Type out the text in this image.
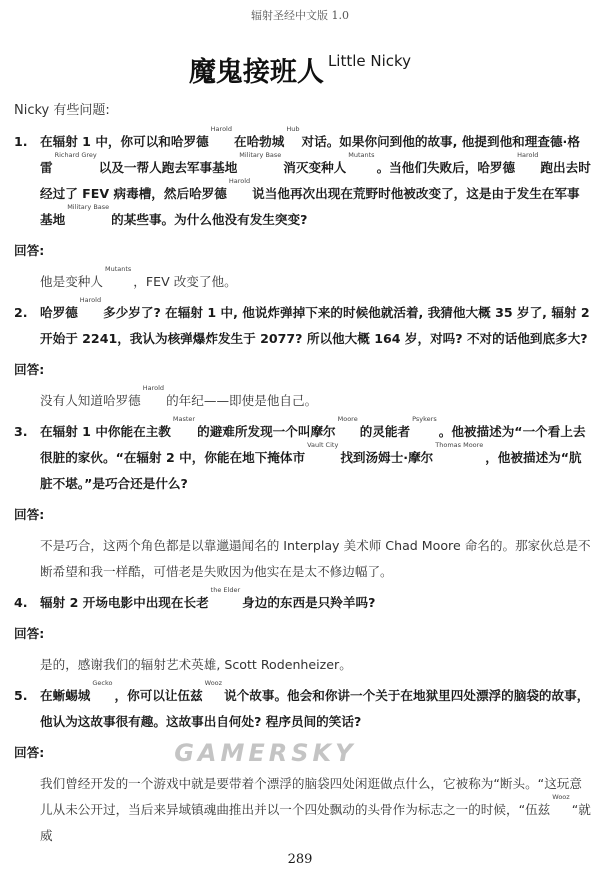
辐射圣经中文版 1.0
魔鬼接班人 Little Nicky
Nicky 有些问题:
1. 在辐射 1 中，你可以和哈罗德$^{Harold}$在哈勃城$^{Hub}$对话。如果你问到他的故事, 他提到他和理查德·格雷$^{Richard Grey}$以及一帮人跑去军事基地$^{Military Base}$消灭变种人$^{Mutants}$。当他们失败后，哈罗德$^{Harold}$跑出去时经过了 FEV 病毒槽，然后哈罗德$^{Harold}$说当他再次出现在荒野时他被改变了，这是由于发生在军事基地$^{Military Base}$的某些事。为什么他没有发生突变?
回答:
他是变种人$^{Mutants}$，FEV 改变了他。
2. 哈罗德$^{Harold}$多少岁了? 在辐射 1 中, 他说炸弹掉下来的时候他就活着, 我猜他大概 35 岁了, 辐射 2 开始于 2241，我认为核弹爆炸发生于 2077? 所以他大概 164 岁，对吗? 不对的话他到底多大?
回答:
没有人知道哈罗德$^{Harold}$的年纪——即使是他自己。
3. 在辐射 1 中你能在主教$^{Master}$的避难所发现一个叫摩尔$^{Moore}$的灵能者$^{Psykers}$。他被描述为“一个看上去很脏的家伙。“在辐射 2 中，你能在地下掩体市$^{Vault City}$找到汤姆士·摩尔$^{Thomas Moore}$，他被描述为“肮脏不堪。”是巧合还是什么?
回答:
不是巧合，这两个角色都是以靠邋遢闻名的 Interplay 美术师 Chad Moore 命名的。那家伙总是不断希望和我一样酷，可惜老是失败因为他实在是太不修边幅了。
4. 辐射 2 开场电影中出现在长老$^{the Elder}$身边的东西是只羚羊吗?
回答:
是的，感谢我们的辐射艺术英雄, Scott Rodenheizer。
5. 在蜥蜴城$^{Gecko}$，你可以让伍兹$^{Wooz}$说个故事。他会和你讲一个关于在地狱里四处漂浮的脑袋的故事，他认为这故事很有趣。这故事出自何处? 程序员间的笑话?
回答:	GAMERSKY
我们曾经开发的一个游戏中就是要带着个漂浮的脑袋四处闲逛做点什么，它被称为“断头。“这玩意儿从未公开过，当后来异域镇魂曲推出并以一个四处飘动的头骨作为标志之一的时候，“伍兹$^{Wooz}$“就威
289
